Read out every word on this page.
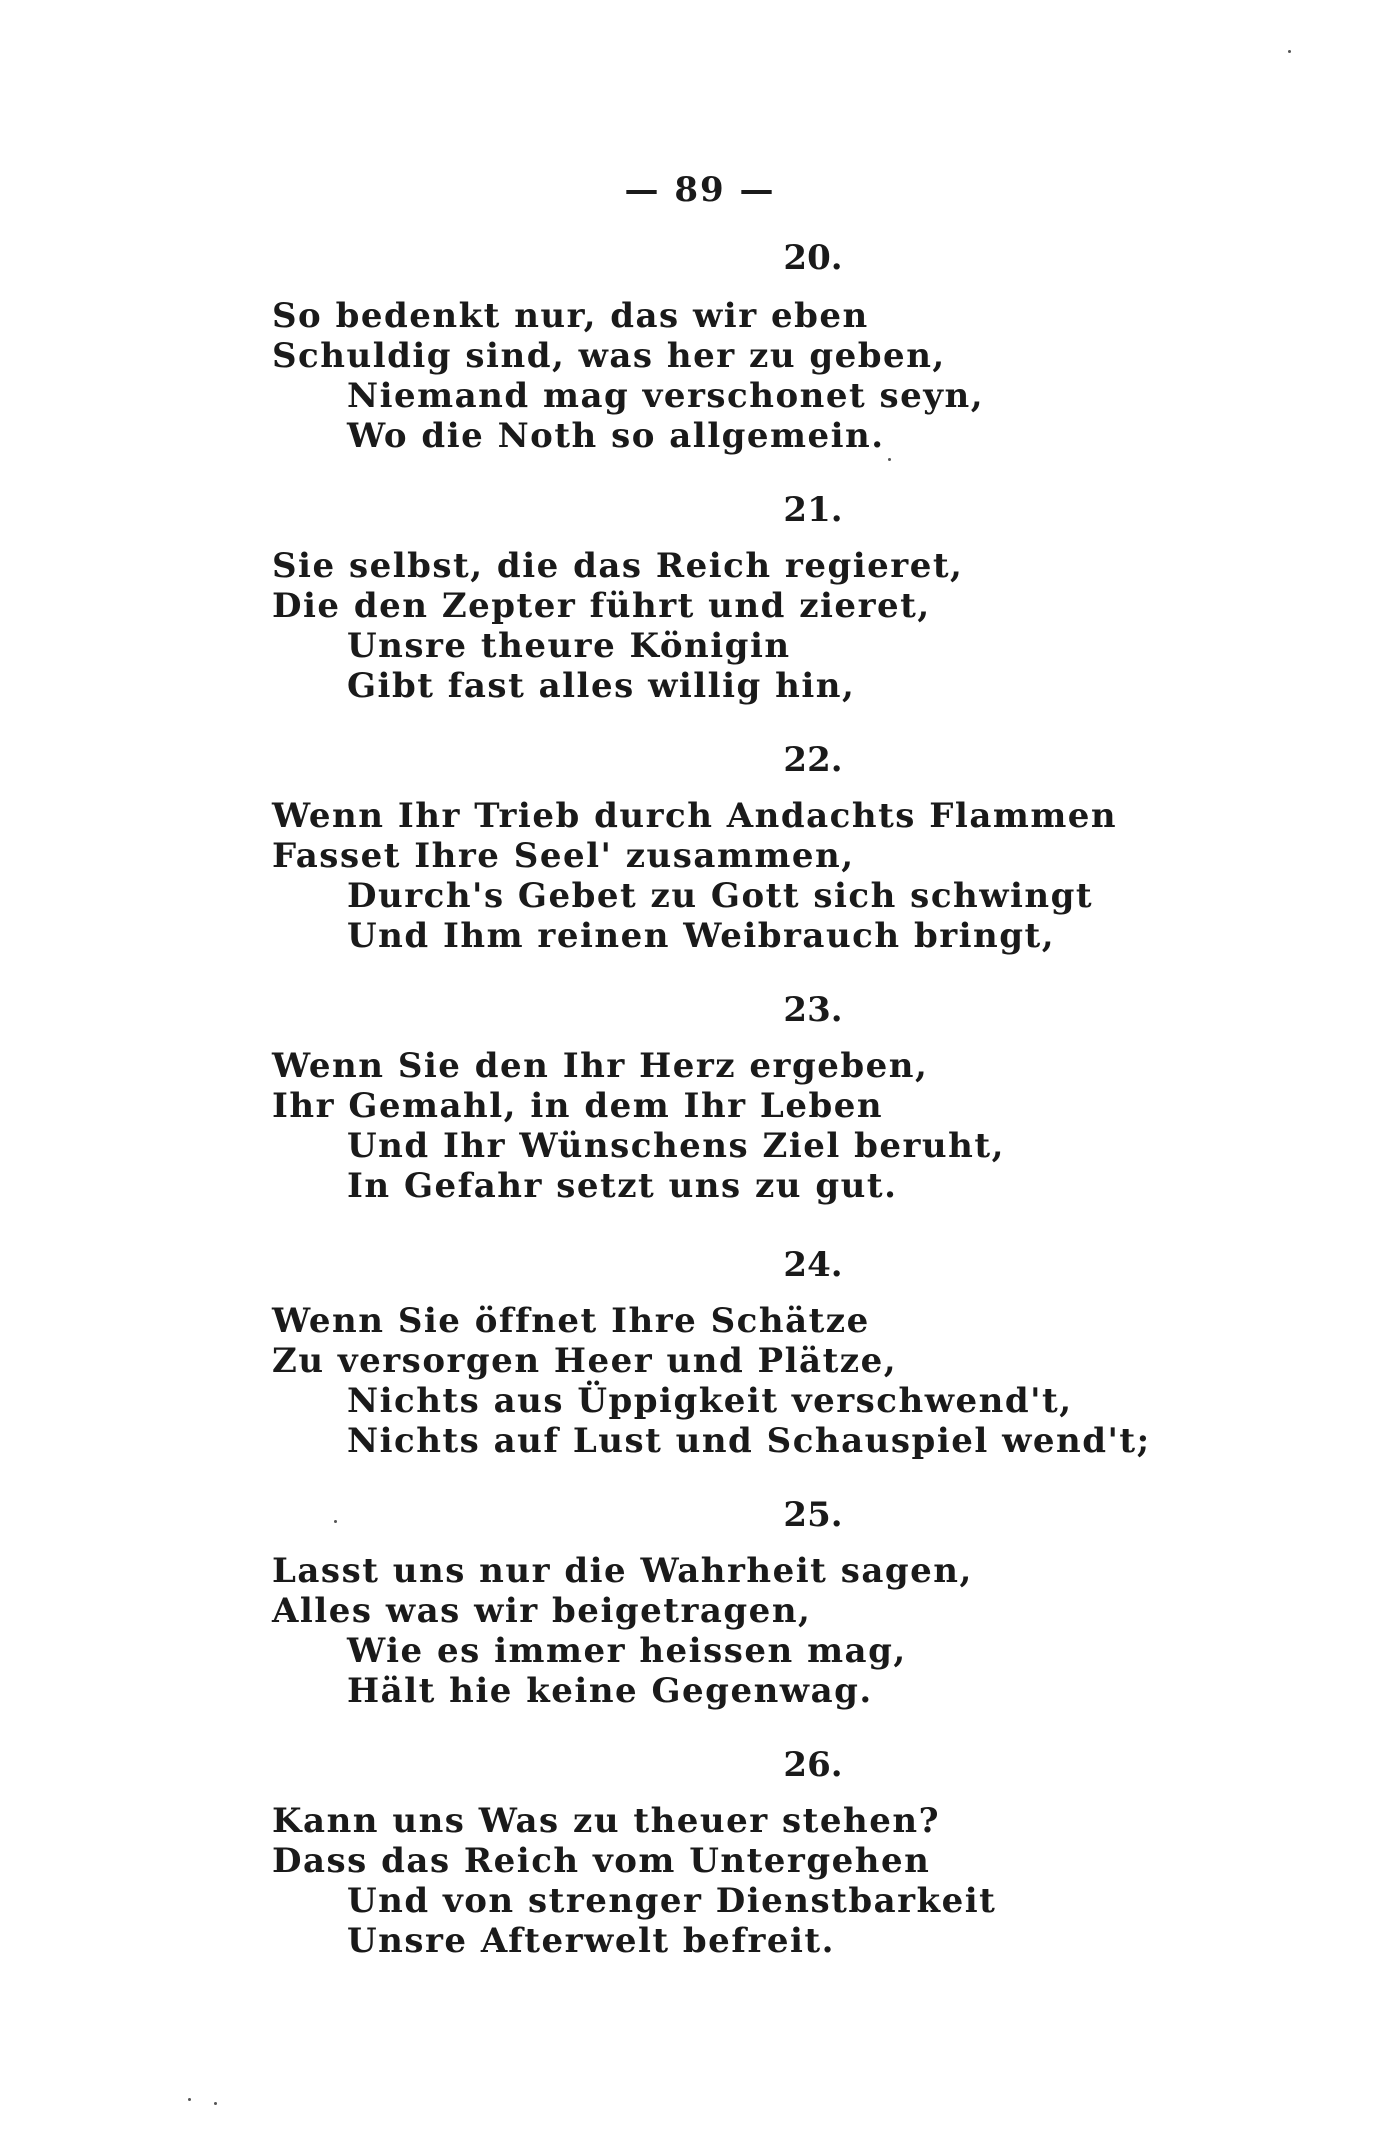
— 89 —
20.
So bedenkt nur, das wir eben
Schuldig sind, was her zu geben,
Niemand mag verschonet seyn,
Wo die Noth so allgemein.
21.
Sie selbst, die das Reich regieret,
Die den Zepter führt und zieret,
Unsre theure Königin
Gibt fast alles willig hin,
22.
Wenn Ihr Trieb durch Andachts Flammen
Fasset Ihre Seel' zusammen,
Durch's Gebet zu Gott sich schwingt
Und Ihm reinen Weibrauch bringt,
23.
Wenn Sie den Ihr Herz ergeben,
Ihr Gemahl, in dem Ihr Leben
Und Ihr Wünschens Ziel beruht,
In Gefahr setzt uns zu gut.
24.
Wenn Sie öffnet Ihre Schätze
Zu versorgen Heer und Plätze,
Nichts aus Üppigkeit verschwend't,
Nichts auf Lust und Schauspiel wend't;
25.
Lasst uns nur die Wahrheit sagen,
Alles was wir beigetragen,
Wie es immer heissen mag,
Hält hie keine Gegenwag.
26.
Kann uns Was zu theuer stehen?
Dass das Reich vom Untergehen
Und von strenger Dienstbarkeit
Unsre Afterwelt befreit.
